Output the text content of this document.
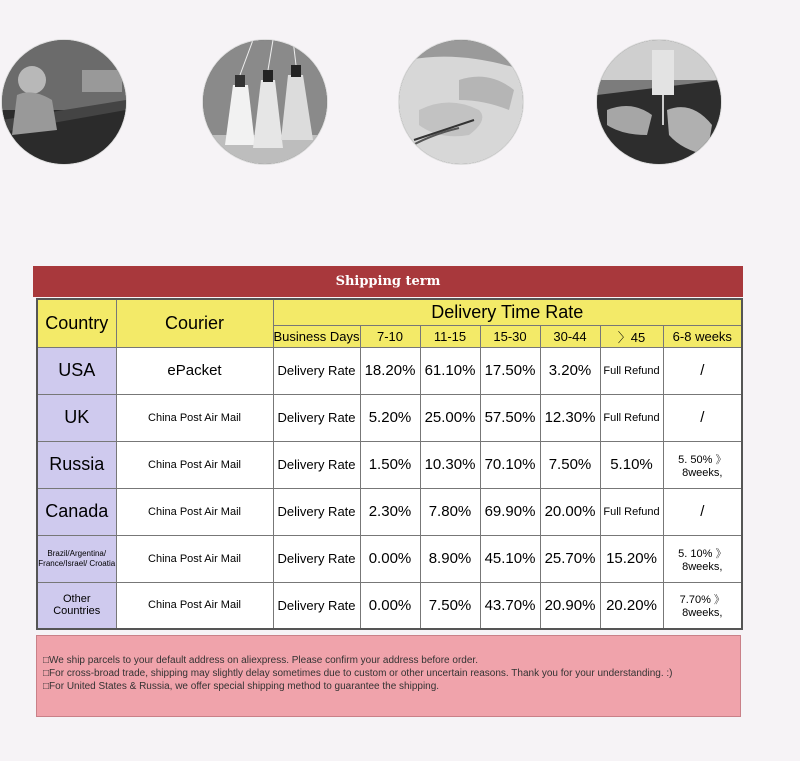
Shipping term
Country	Courier	Delivery Time Rate						
		Business Days	7-10	11-15	15-30	30-44	〉45	6-8 weeks
USA	ePacket	Delivery Rate	18.20%	61.10%	17.50%	3.20%	Full Refund	/
UK	China Post Air Mail	Delivery Rate	5.20%	25.00%	57.50%	12.30%	Full Refund	/
Russia	China Post Air Mail	Delivery Rate	1.50%	10.30%	70.10%	7.50%	5.10%	5. 50% 》8weeks,
Canada	China Post Air Mail	Delivery Rate	2.30%	7.80%	69.90%	20.00%	Full Refund	/
Brazil/Argentina/ France/Israel/ Croatia	China Post Air Mail	Delivery Rate	0.00%	8.90%	45.10%	25.70%	15.20%	5. 10% 》8weeks,
Other Countries	China Post Air Mail	Delivery Rate	0.00%	7.50%	43.70%	20.90%	20.20%	7.70% 》8weeks,

□We ship parcels to your default address on aliexpress. Please confirm your address before order.

□For cross-broad trade, shipping may slightly delay sometimes due to custom or other uncertain reasons. Thank you for your understanding. :)

□For United States & Russia, we offer special shipping method to guarantee the shipping.
